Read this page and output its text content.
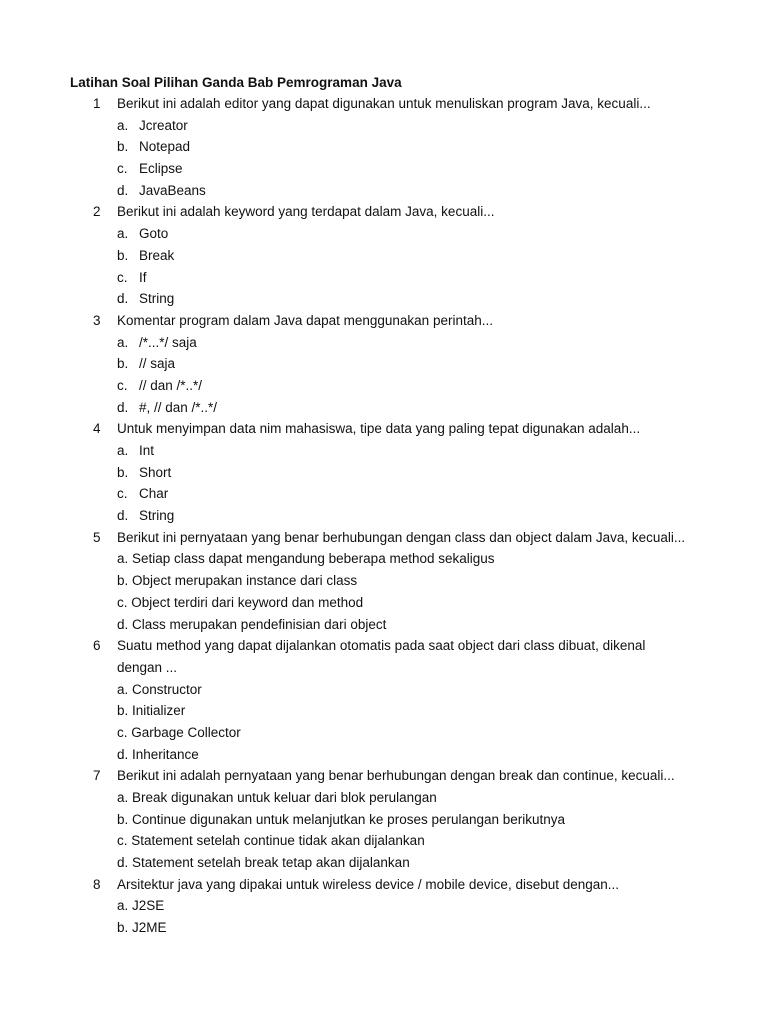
Latihan Soal Pilihan Ganda Bab Pemrograman Java
1 Berikut ini adalah editor yang dapat digunakan untuk menuliskan program Java, kecuali...
a. Jcreator
b. Notepad
c. Eclipse
d. JavaBeans
2 Berikut ini adalah keyword yang terdapat dalam Java, kecuali...
a. Goto
b. Break
c. If
d. String
3 Komentar program dalam Java dapat menggunakan perintah...
a. /*...*/ saja
b. // saja
c. // dan /*..*/
d. #, // dan /*..*/
4 Untuk menyimpan data nim mahasiswa, tipe data yang paling tepat digunakan adalah...
a. Int
b. Short
c. Char
d. String
5 Berikut ini pernyataan yang benar berhubungan dengan class dan object dalam Java, kecuali...
a. Setiap class dapat mengandung beberapa method sekaligus
b. Object merupakan instance dari class
c. Object terdiri dari keyword dan method
d. Class merupakan pendefinisian dari object
6 Suatu method yang dapat dijalankan otomatis pada saat object dari class dibuat, dikenal
dengan ...
a. Constructor
b. Initializer
c. Garbage Collector
d. Inheritance
7 Berikut ini adalah pernyataan yang benar berhubungan dengan break dan continue, kecuali...
a. Break digunakan untuk keluar dari blok perulangan
b. Continue digunakan untuk melanjutkan ke proses perulangan berikutnya
c. Statement setelah continue tidak akan dijalankan
d. Statement setelah break tetap akan dijalankan
8 Arsitektur java yang dipakai untuk wireless device / mobile device, disebut dengan...
a. J2SE
b. J2ME
